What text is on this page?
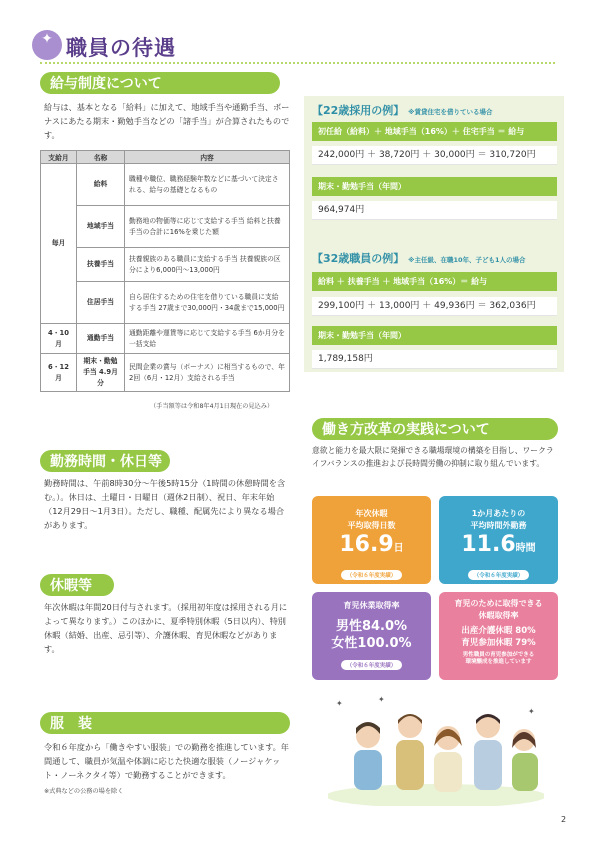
✦ 職員の待遇
給与制度について
給与は、基本となる「給料」に加えて、地域手当や通勤手当、ボーナスにあたる期末・勤勉手当などの「諸手当」が合算されたものです。
支給月	名称	内容
毎月	給料	職種や職位、職務経験年数などに基づいて決定される、給与の基礎となるもの
	地域手当	勤務地の物価等に応じて支給する手当 給料と扶養手当の合計に16%を乗じた額
	扶養手当	扶養親族のある職員に支給する手当 扶養親族の区分により6,000円～13,000円
	住居手当	自ら居住するための住宅を借りている職員に支給する手当 27歳まで30,000円・34歳まで15,000円
4・10月	通勤手当	通勤距離や運賃等に応じて支給する手当 6か月分を一括支給
6・12月	期末・勤勉手当 4.9月分	民間企業の賞与（ボーナス）に相当するもので、年2回（6月・12月）支給される手当
（手当額等は令和8年4月1日現在の見込み）
【22歳採用の例】 ※賃貸住宅を借りている場合
初任給（給料）＋ 地域手当（16%）＋ 住宅手当 ＝ 給与
242,000円 ＋ 38,720円 ＋ 30,000円 ＝ 310,720円
期末・勤勉手当（年間）
964,974円
【32歳職員の例】 ※主任級、在職10年、子ども1人の場合
給料 ＋ 扶養手当 ＋ 地域手当（16%）＝ 給与
299,100円 ＋ 13,000円 ＋ 49,936円 ＝ 362,036円
期末・勤勉手当（年間）
1,789,158円
働き方改革の実践について
意欲と能力を最大限に発揮できる職場環境の構築を目指し、ワークライフバランスの推進および長時間労働の抑制に取り組んでいます。
年次休暇
平均取得日数
16.9日
（令和６年度実績）
1か月あたりの
平均時間外勤務
11.6時間
（令和６年度実績）
育児休業取得率
男性84.0%
女性100.0%
（令和６年度実績）
育児のために取得できる
休暇取得率
出産介護休暇 80%
育児参加休暇 79%
男性職員の育児参加ができる
環境醸成を推進しています
勤務時間・休日等
勤務時間は、午前8時30分～午後5時15分（1時間の休憩時間を含む。）。休日は、土曜日・日曜日（週休2日制）、祝日、年末年始（12月29日～1月3日）。ただし、職種、配属先により異なる場合があります。
休暇等
年次休暇は年間20日付与されます。（採用初年度は採用される月によって異なります。）このほかに、夏季特別休暇（5日以内）、特別休暇（結婚、出産、忌引等）、介護休暇、育児休暇などがあります。
服　装
令和６年度から「働きやすい服装」での勤務を推進しています。年間通して、職員が気温や体調に応じた快適な服装（ノージャケット・ノーネクタイ等）で勤務することができます。
※式典などの公務の場を除く
✦	✦
✦
2
